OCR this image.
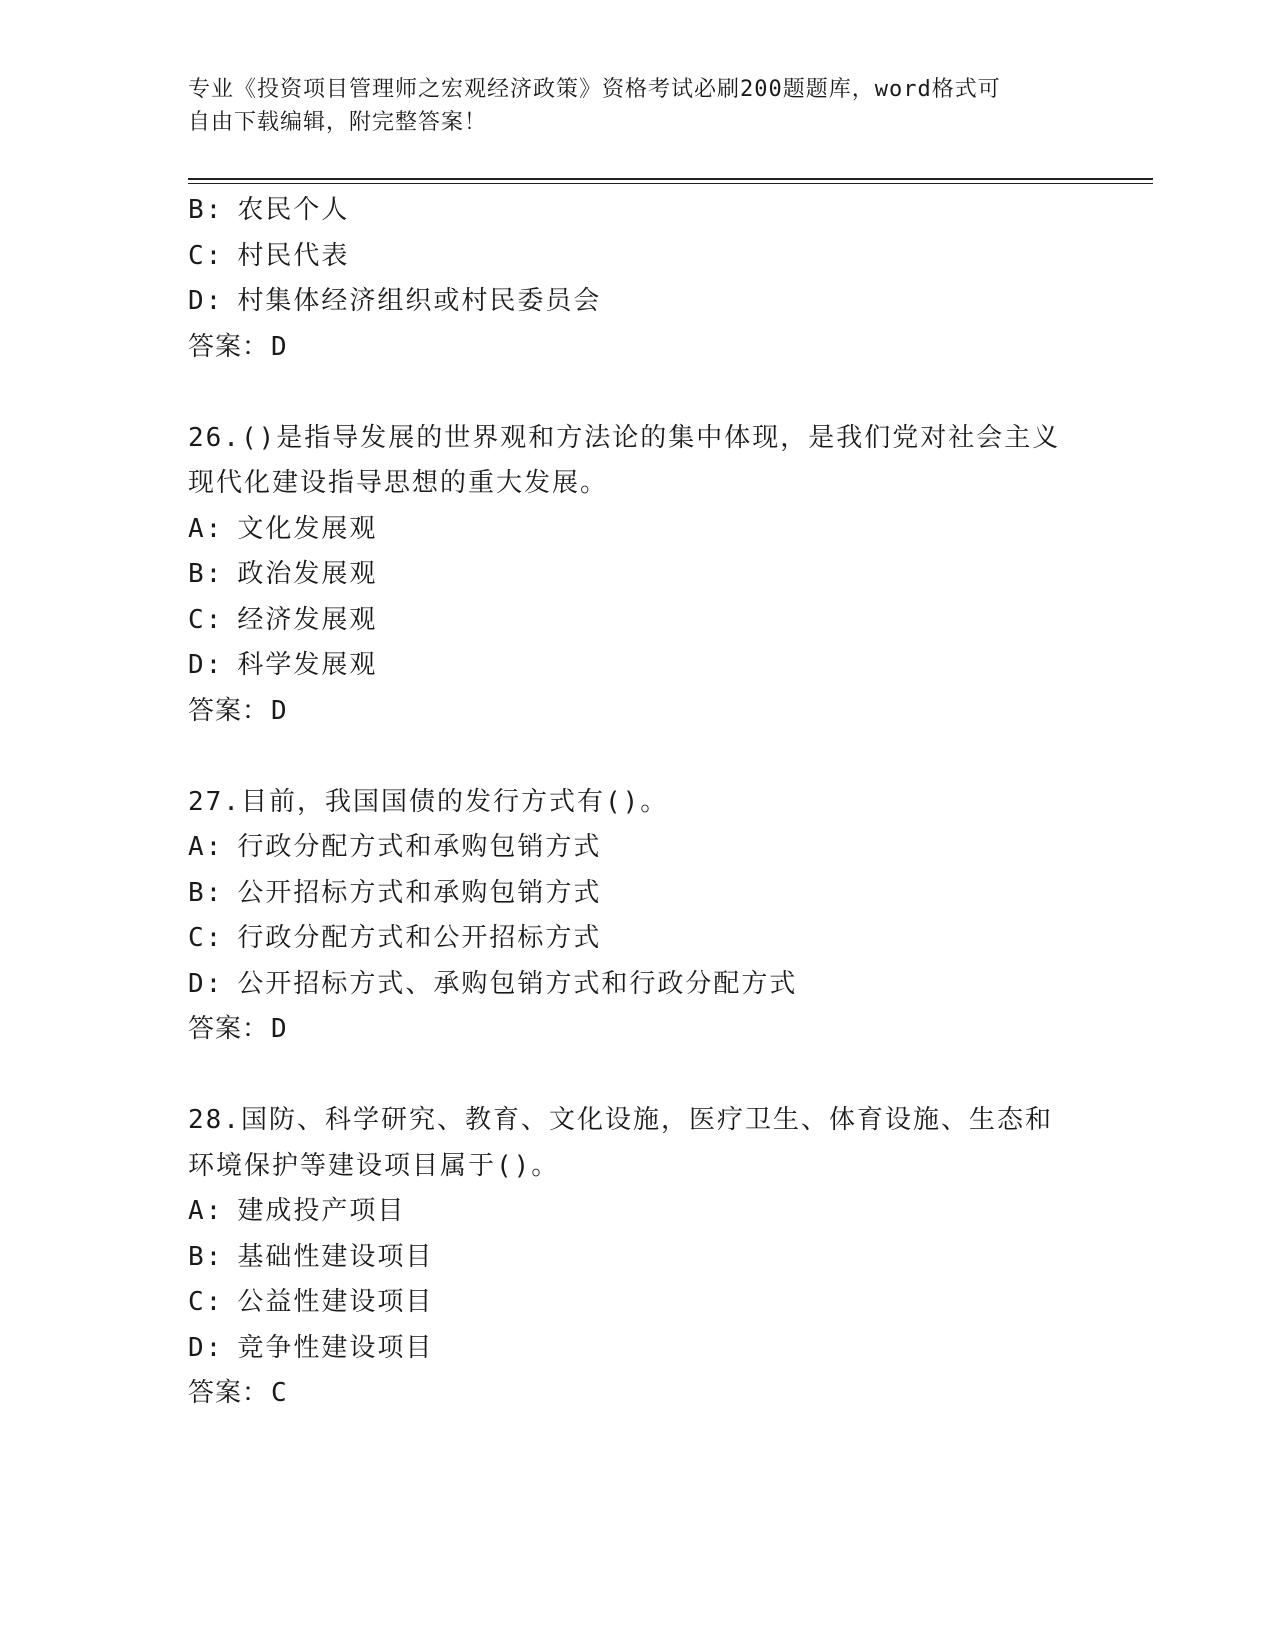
专业《投资项目管理师之宏观经济政策》资格考试必刷200题题库，word格式可
自由下载编辑，附完整答案！
B: 农民个人
C: 村民代表
D: 村集体经济组织或村民委员会
答案：D
26.()是指导发展的世界观和方法论的集中体现，是我们党对社会主义
现代化建设指导思想的重大发展。
A: 文化发展观
B: 政治发展观
C: 经济发展观
D: 科学发展观
答案：D
27.目前，我国国债的发行方式有()。
A: 行政分配方式和承购包销方式
B: 公开招标方式和承购包销方式
C: 行政分配方式和公开招标方式
D: 公开招标方式、承购包销方式和行政分配方式
答案：D
28.国防、科学研究、教育、文化设施，医疗卫生、体育设施、生态和
环境保护等建设项目属于()。
A: 建成投产项目
B: 基础性建设项目
C: 公益性建设项目
D: 竞争性建设项目
答案：C
